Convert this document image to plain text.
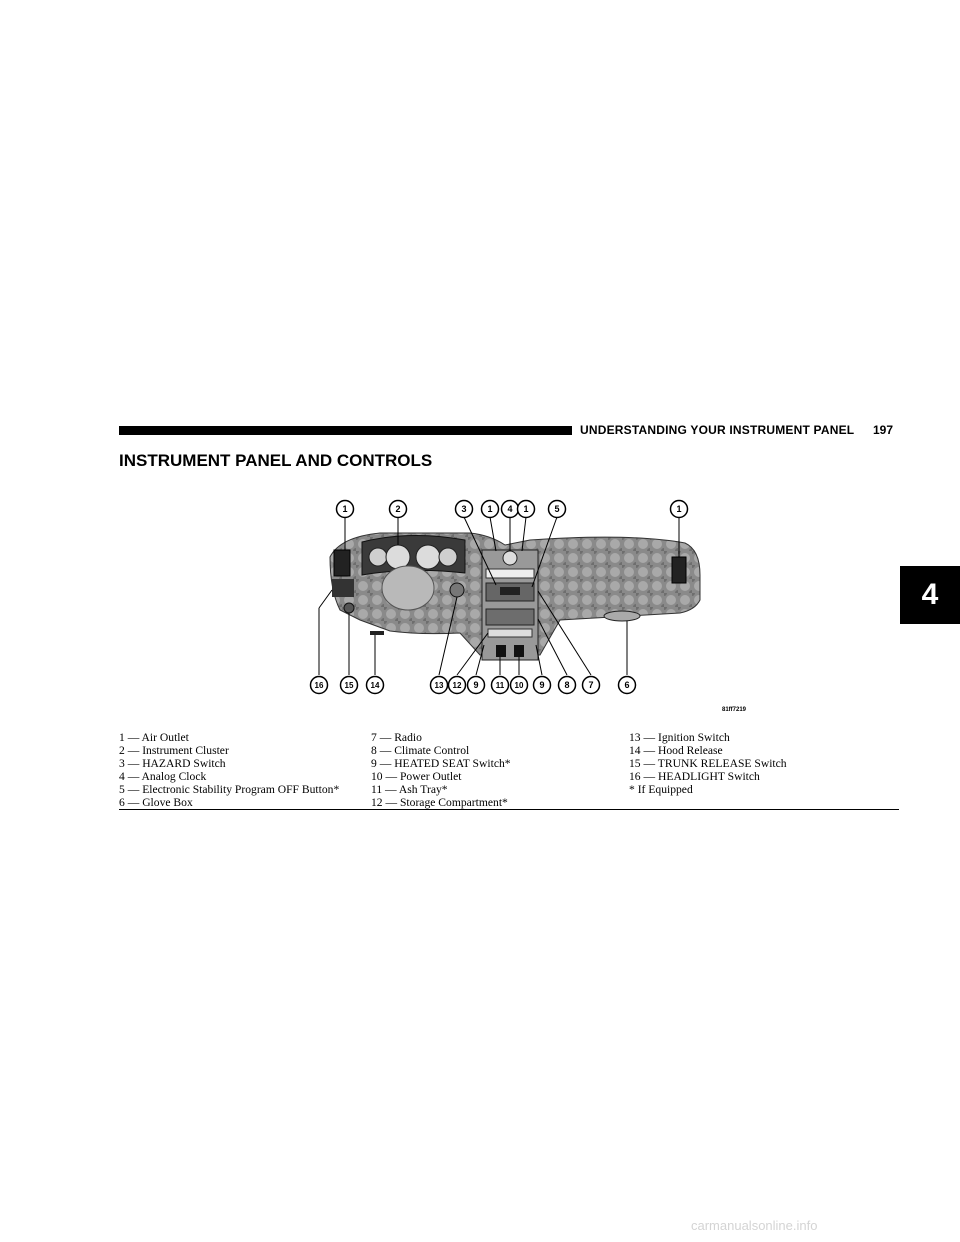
UNDERSTANDING YOUR INSTRUMENT PANEL 197
INSTRUMENT PANEL AND CONTROLS
4
1	2	3 1 4 1	5	1
16	15 14	13 12 9 11 10 9 8 7	6
81ff7219
1 — Air Outlet
2 — Instrument Cluster
3 — HAZARD Switch
4 — Analog Clock
5 — Electronic Stability Program OFF Button*
6 — Glove Box
7 — Radio
8 — Climate Control
9 — HEATED SEAT Switch*
10 — Power Outlet
11 — Ash Tray*
12 — Storage Compartment*
13 — Ignition Switch
14 — Hood Release
15 — TRUNK RELEASE Switch
16 — HEADLIGHT Switch
* If Equipped
carmanualsonline.info
